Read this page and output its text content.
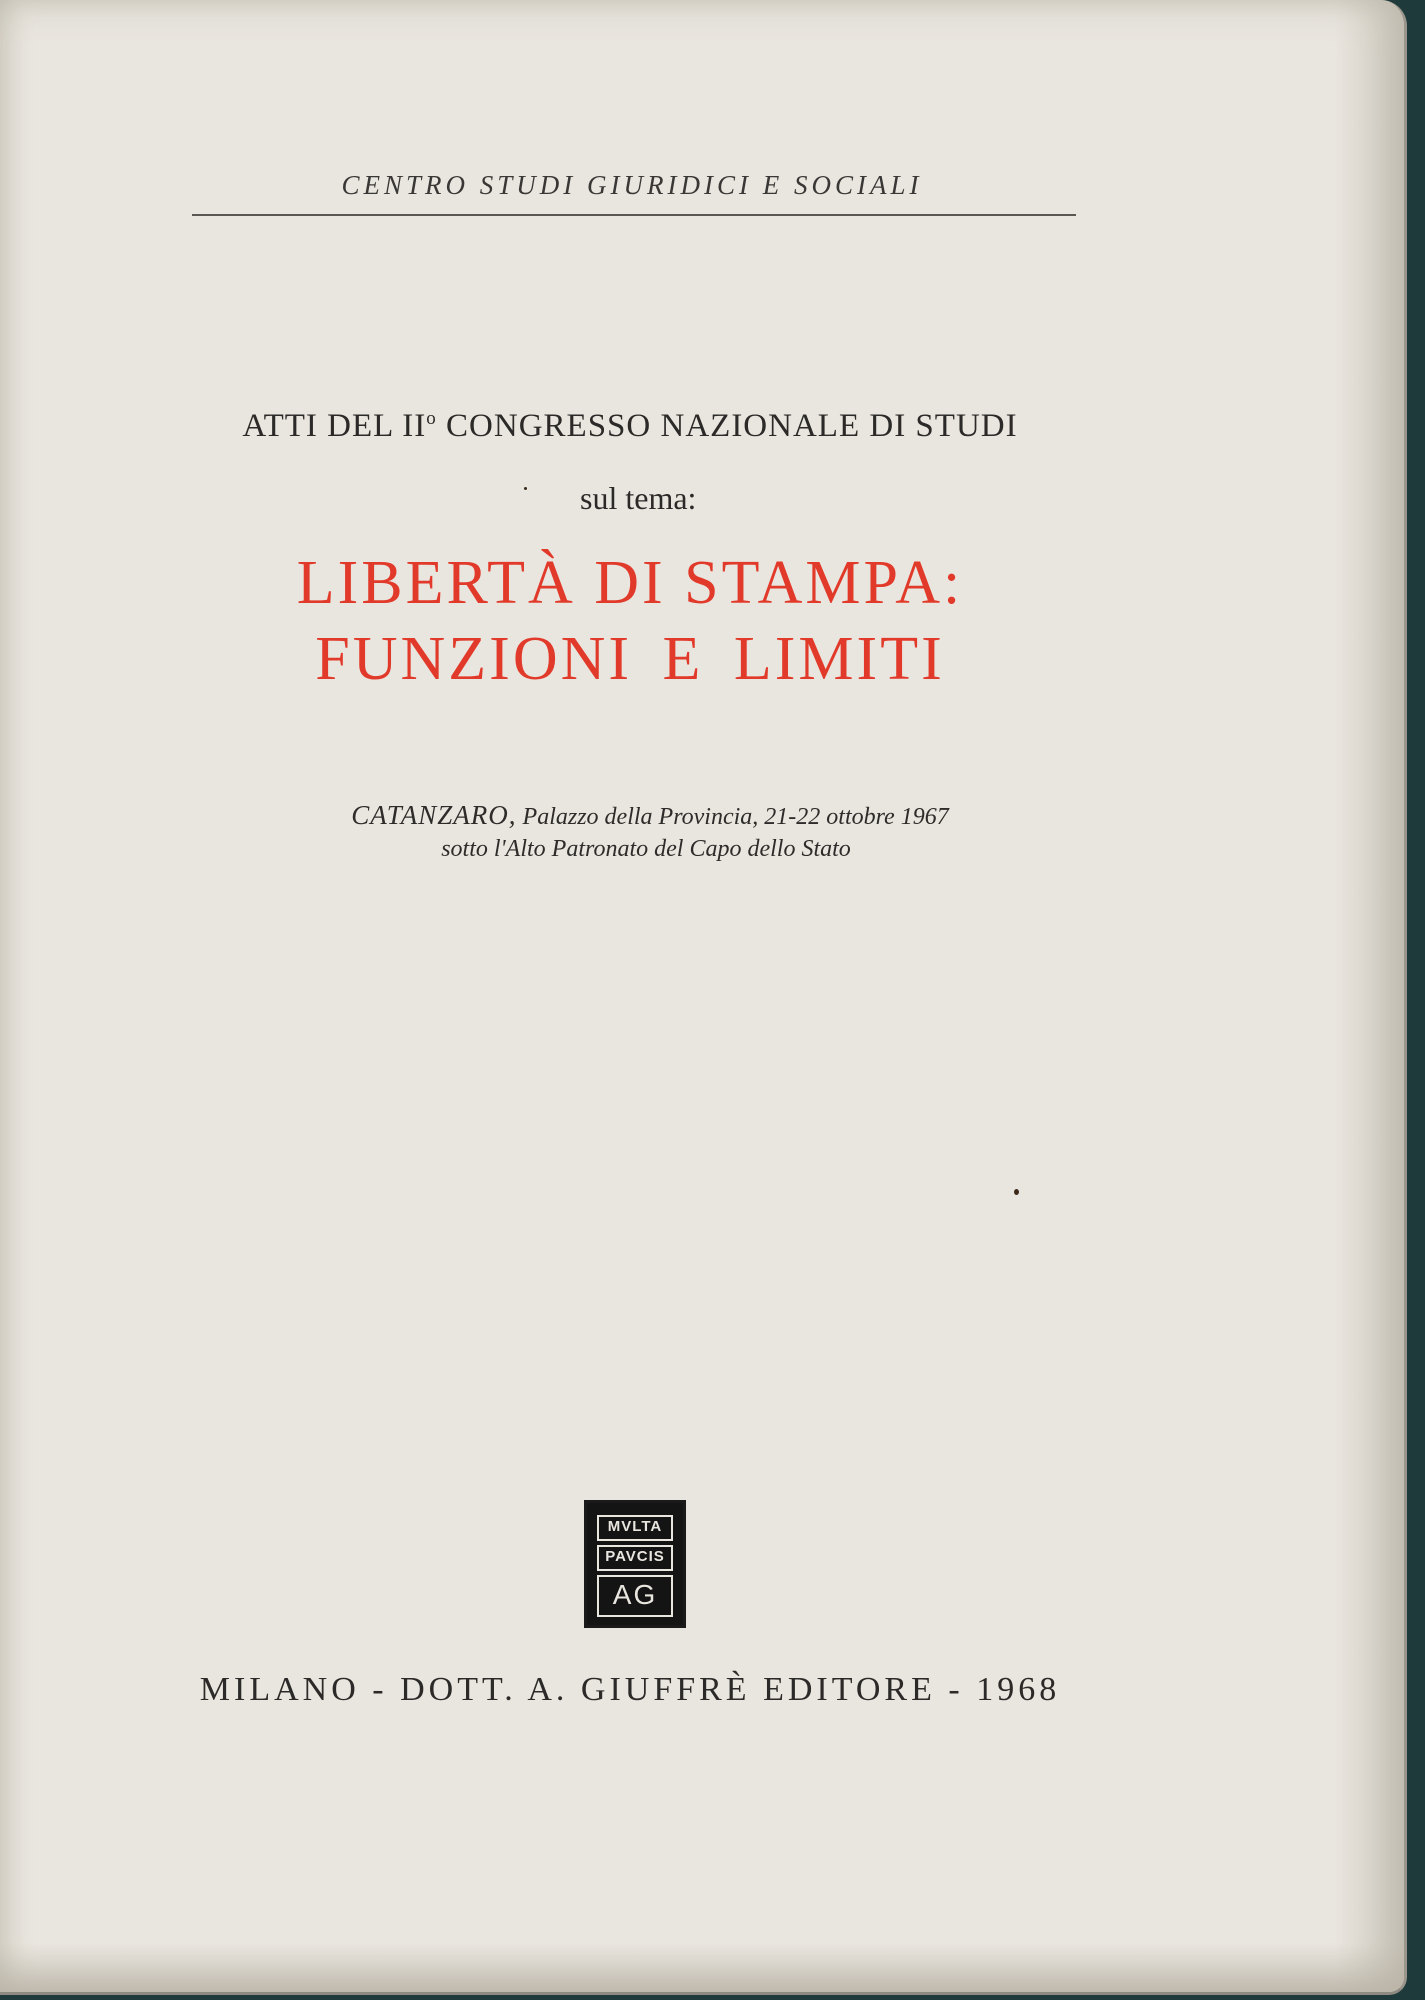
CENTRO STUDI GIURIDICI E SOCIALI
ATTI DEL $II^o$ CONGRESSO NAZIONALE DI STUDI
sul tema:
LIBERTÀ DI STAMPA:
FUNZIONI E LIMITI
CATANZARO, Palazzo della Provincia, 21-22 ottobre 1967
sotto l'Alto Patronato del Capo dello Stato
MVLTA
PAVCIS
AG
MILANO - DOTT. A. GIUFFRÈ EDITORE - 1968
